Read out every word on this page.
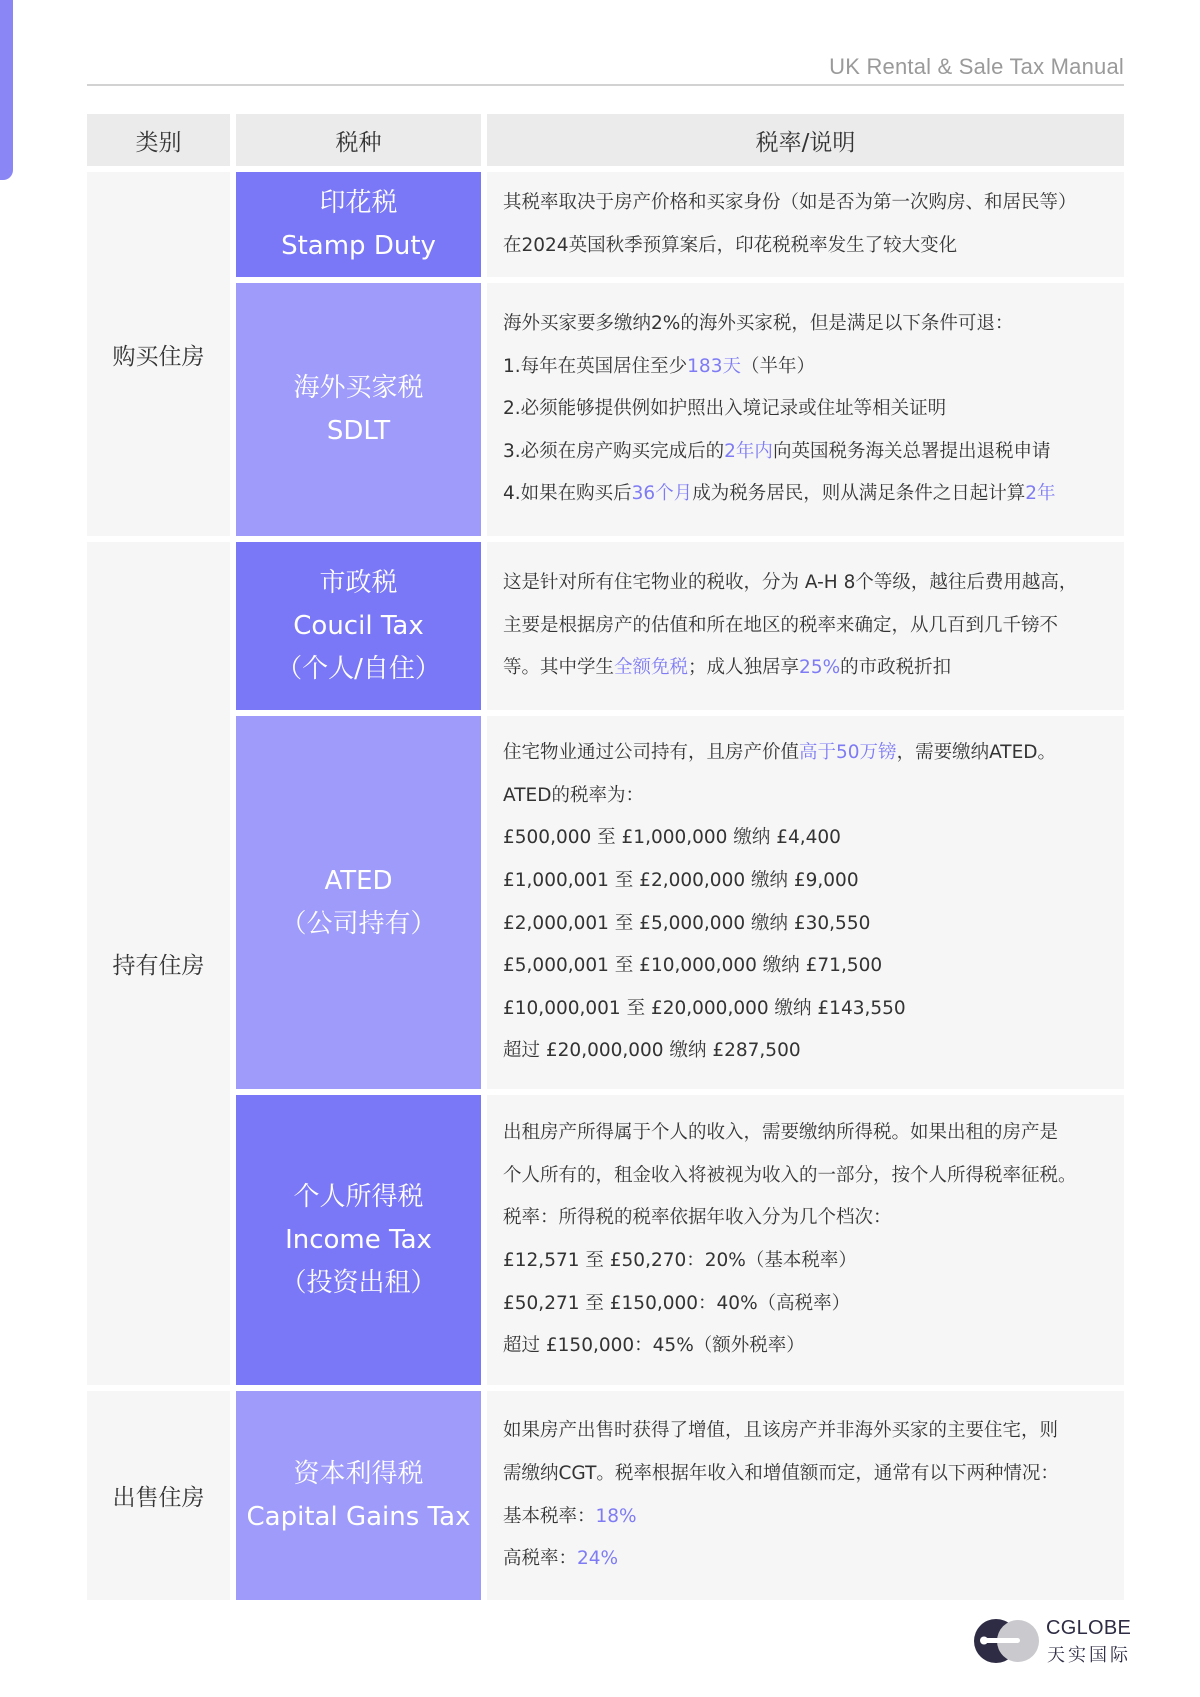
UK Rental & Sale Tax Manual
类别	税种	税率/说明
购买住房
持有住房
出售住房
印花税
Stamp Duty
其税率取决于房产价格和买家身份（如是否为第一次购房、和居民等）
在2024英国秋季预算案后，印花税税率发生了较大变化
海外买家税
SDLT
海外买家要多缴纳2%的海外买家税，但是满足以下条件可退：
1.每年在英国居住至少183天（半年）
2.必须能够提供例如护照出入境记录或住址等相关证明
3.必须在房产购买完成后的2年内向英国税务海关总署提出退税申请
4.如果在购买后36个月成为税务居民，则从满足条件之日起计算2年
市政税
Coucil Tax
（个人/自住）
这是针对所有住宅物业的税收，分为 A-H 8个等级，越往后费用越高，
主要是根据房产的估值和所在地区的税率来确定，从几百到几千镑不
等。其中学生全额免税；成人独居享25%的市政税折扣
ATED
（公司持有）
住宅物业通过公司持有，且房产价值高于50万镑，需要缴纳ATED。
ATED的税率为：
£500,000 至 £1,000,000 缴纳 £4,400
£1,000,001 至 £2,000,000 缴纳 £9,000
£2,000,001 至 £5,000,000 缴纳 £30,550
£5,000,001 至 £10,000,000 缴纳 £71,500
£10,000,001 至 £20,000,000 缴纳 £143,550
超过 £20,000,000 缴纳 £287,500
个人所得税
Income Tax
（投资出租）
出租房产所得属于个人的收入，需要缴纳所得税。如果出租的房产是
个人所有的，租金收入将被视为收入的一部分，按个人所得税率征税。
税率：所得税的税率依据年收入分为几个档次：
£12,571 至 £50,270：20%（基本税率）
£50,271 至 £150,000：40%（高税率）
超过 £150,000：45%（额外税率）
资本利得税
Capital Gains Tax
如果房产出售时获得了增值，且该房产并非海外买家的主要住宅，则
需缴纳CGT。税率根据年收入和增值额而定，通常有以下两种情况：
基本税率：18%
高税率：24%
CGLOBE
天实国际
